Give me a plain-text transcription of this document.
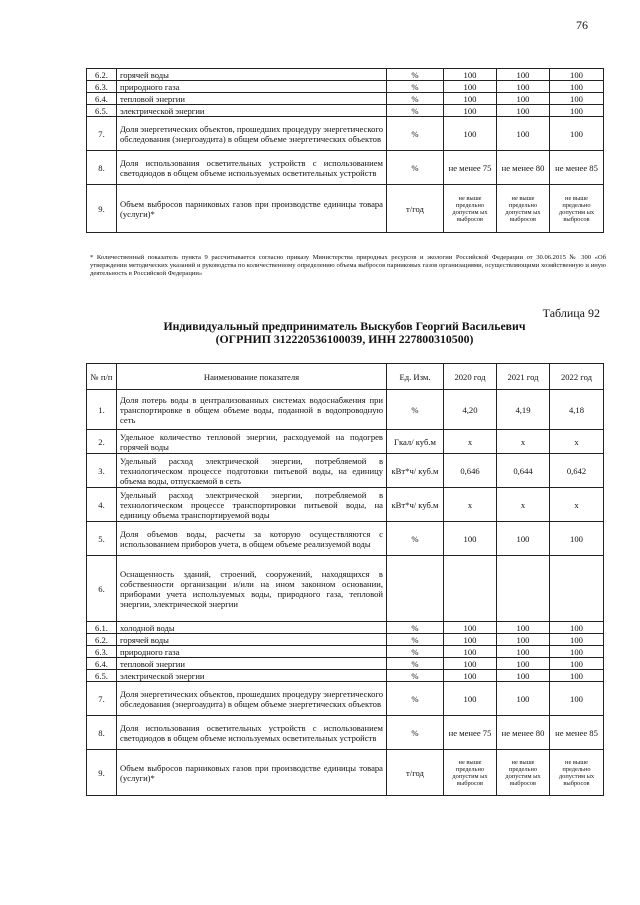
76
6.2.	горячей воды	%	100	100	100
6.3.	природного газа	%	100	100	100
6.4.	тепловой энергии	%	100	100	100
6.5.	электрической энергии	%	100	100	100
7.	Доля энергетических объектов, прошедших процедуру энергетического обследования (энергоаудита) в общем объеме энергетических объектов	%	100	100	100
8.	Доля использования осветительных устройств с использованием светодиодов в общем объеме используемых осветительных устройств	%	не менее 75	не менее 80	не менее 85
9.	Объем выбросов парниковых газов при производстве единицы товара (услуги)*	т/год	не выше предельно допустим ых выбросов	не выше предельно допустим ых выбросов	не выше предельно допустим ых выбросов
* Количественный показатель пункта 9 рассчитывается согласно приказу Министерства природных ресурсов и экологии Российской Федерации от 30.06.2015 № 300 «Об утверждении методических указаний и руководства по количественному определению объема выбросов парниковых газов организациями, осуществляющими хозяйственную и иную деятельность в Российской Федерации»
Таблица 92
Индивидуальный предприниматель Выскубов Георгий Васильевич
(ОГРНИП 312220536100039, ИНН 227800310500)
№ п/п	Наименование показателя	Ед. Изм.	2020 год	2021 год	2022 год
1.	Доля потерь воды в централизованных системах водоснабжения при транспортировке в общем объеме воды, поданной в водопроводную сеть	%	4,20	4,19	4,18
2.	Удельное количество тепловой энергии, расходуемой на подогрев горячей воды	Гкал/ куб.м	х	х	х
3.	Удельный расход электрической энергии, потребляемой в технологическом процессе подготовки питьевой воды, на единицу объема воды, отпускаемой в сеть	кВт*ч/ куб.м	0,646	0,644	0,642
4.	Удельный расход электрической энергии, потребляемой в технологическом процессе транспортировки питьевой воды, на единицу объема транспортируемой воды	кВт*ч/ куб.м	х	х	х
5.	Доля объемов воды, расчеты за которую осуществляются с использованием приборов учета, в общем объеме реализуемой воды	%	100	100	100
6.	Оснащенность зданий, строений, сооружений, находящихся в собственности организации и/или на ином законном основании, приборами учета используемых воды, природного газа, тепловой энергии, электрической энергии				
6.1.	холодной воды	%	100	100	100
6.2.	горячей воды	%	100	100	100
6.3.	природного газа	%	100	100	100
6.4.	тепловой энергии	%	100	100	100
6.5.	электрической энергии	%	100	100	100
7.	Доля энергетических объектов, прошедших процедуру энергетического обследования (энергоаудита) в общем объеме энергетических объектов	%	100	100	100
8.	Доля использования осветительных устройств с использованием светодиодов в общем объеме используемых осветительных устройств	%	не менее 75	не менее 80	не менее 85
9.	Объем выбросов парниковых газов при производстве единицы товара (услуги)*	т/год	не выше предельно допустим ых выбросов	не выше предельно допустим ых выбросов	не выше предельно допустим ых выбросов
